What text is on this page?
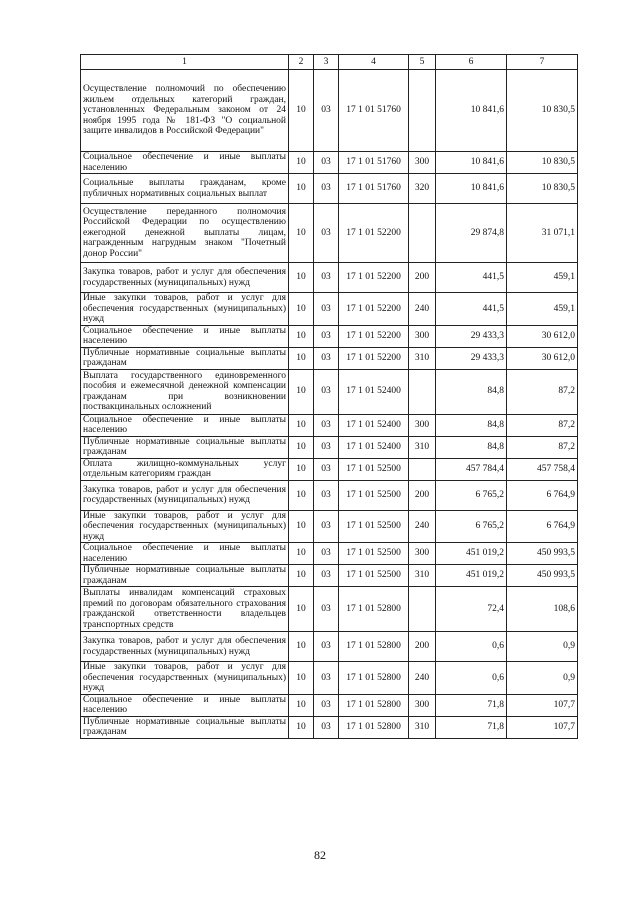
1	2	3	4	5	6	7
Осуществление полномочий по обеспечению жильем отдельных категорий граждан, установленных Федеральным законом от 24 ноября 1995 года № 181-ФЗ "О социальной защите инвалидов в Российской Федерации"	10	03	17 1 01 51760		10 841,6	10 830,5
Социальное обеспечение и иные выплаты населению	10	03	17 1 01 51760	300	10 841,6	10 830,5
Социальные выплаты гражданам, кроме публичных нормативных социальных выплат	10	03	17 1 01 51760	320	10 841,6	10 830,5
Осуществление переданного полномочия Российской Федерации по осуществлению ежегодной денежной выплаты лицам, награжденным нагрудным знаком "Почетный донор России"	10	03	17 1 01 52200		29 874,8	31 071,1
Закупка товаров, работ и услуг для обеспечения государственных (муниципальных) нужд	10	03	17 1 01 52200	200	441,5	459,1
Иные закупки товаров, работ и услуг для обеспечения государственных (муниципальных) нужд	10	03	17 1 01 52200	240	441,5	459,1
Социальное обеспечение и иные выплаты населению	10	03	17 1 01 52200	300	29 433,3	30 612,0
Публичные нормативные социальные выплаты гражданам	10	03	17 1 01 52200	310	29 433,3	30 612,0
Выплата государственного единовременного пособия и ежемесячной денежной компенсации гражданам при возникновении поствакцинальных осложнений	10	03	17 1 01 52400		84,8	87,2
Социальное обеспечение и иные выплаты населению	10	03	17 1 01 52400	300	84,8	87,2
Публичные нормативные социальные выплаты гражданам	10	03	17 1 01 52400	310	84,8	87,2
Оплата жилищно-коммунальных услуг отдельным категориям граждан	10	03	17 1 01 52500		457 784,4	457 758,4
Закупка товаров, работ и услуг для обеспечения государственных (муниципальных) нужд	10	03	17 1 01 52500	200	6 765,2	6 764,9
Иные закупки товаров, работ и услуг для обеспечения государственных (муниципальных) нужд	10	03	17 1 01 52500	240	6 765,2	6 764,9
Социальное обеспечение и иные выплаты населению	10	03	17 1 01 52500	300	451 019,2	450 993,5
Публичные нормативные социальные выплаты гражданам	10	03	17 1 01 52500	310	451 019,2	450 993,5
Выплаты инвалидам компенсаций страховых премий по договорам обязательного страхования гражданской ответственности владельцев транспортных средств	10	03	17 1 01 52800		72,4	108,6
Закупка товаров, работ и услуг для обеспечения государственных (муниципальных) нужд	10	03	17 1 01 52800	200	0,6	0,9
Иные закупки товаров, работ и услуг для обеспечения государственных (муниципальных) нужд	10	03	17 1 01 52800	240	0,6	0,9
Социальное обеспечение и иные выплаты населению	10	03	17 1 01 52800	300	71,8	107,7
Публичные нормативные социальные выплаты гражданам	10	03	17 1 01 52800	310	71,8	107,7
82
